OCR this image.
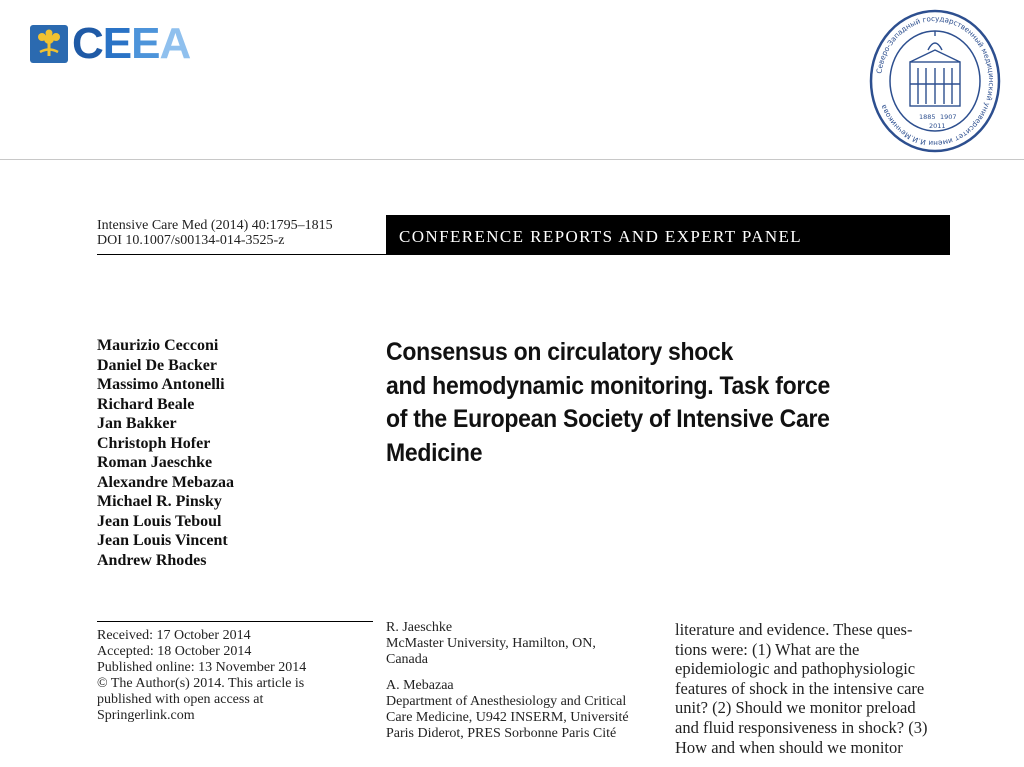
CEEA
Северо-Западный государственный медицинский университет имени И.И.Мечникова
1885 1907
2011
Intensive Care Med (2014) 40:1795–1815
DOI 10.1007/s00134-014-3525-z	CONFERENCE REPORTS AND EXPERT PANEL
Maurizio Cecconi
Daniel De Backer
Massimo Antonelli
Richard Beale
Jan Bakker
Christoph Hofer
Roman Jaeschke
Alexandre Mebazaa
Michael R. Pinsky
Jean Louis Teboul
Jean Louis Vincent
Andrew Rhodes
Consensus on circulatory shock
and hemodynamic monitoring. Task force
of the European Society of Intensive Care
Medicine
Received: 17 October 2014
Accepted: 18 October 2014
Published online: 13 November 2014
© The Author(s) 2014. This article is
published with open access at
Springerlink.com
R. Jaeschke
McMaster University, Hamilton, ON,
Canada
A. Mebazaa
Department of Anesthesiology and Critical
Care Medicine, U942 INSERM, Université
Paris Diderot, PRES Sorbonne Paris Cité
literature and evidence. These ques-
tions were: (1) What are the
epidemiologic and pathophysiologic
features of shock in the intensive care
unit? (2) Should we monitor preload
and fluid responsiveness in shock? (3)
How and when should we monitor
